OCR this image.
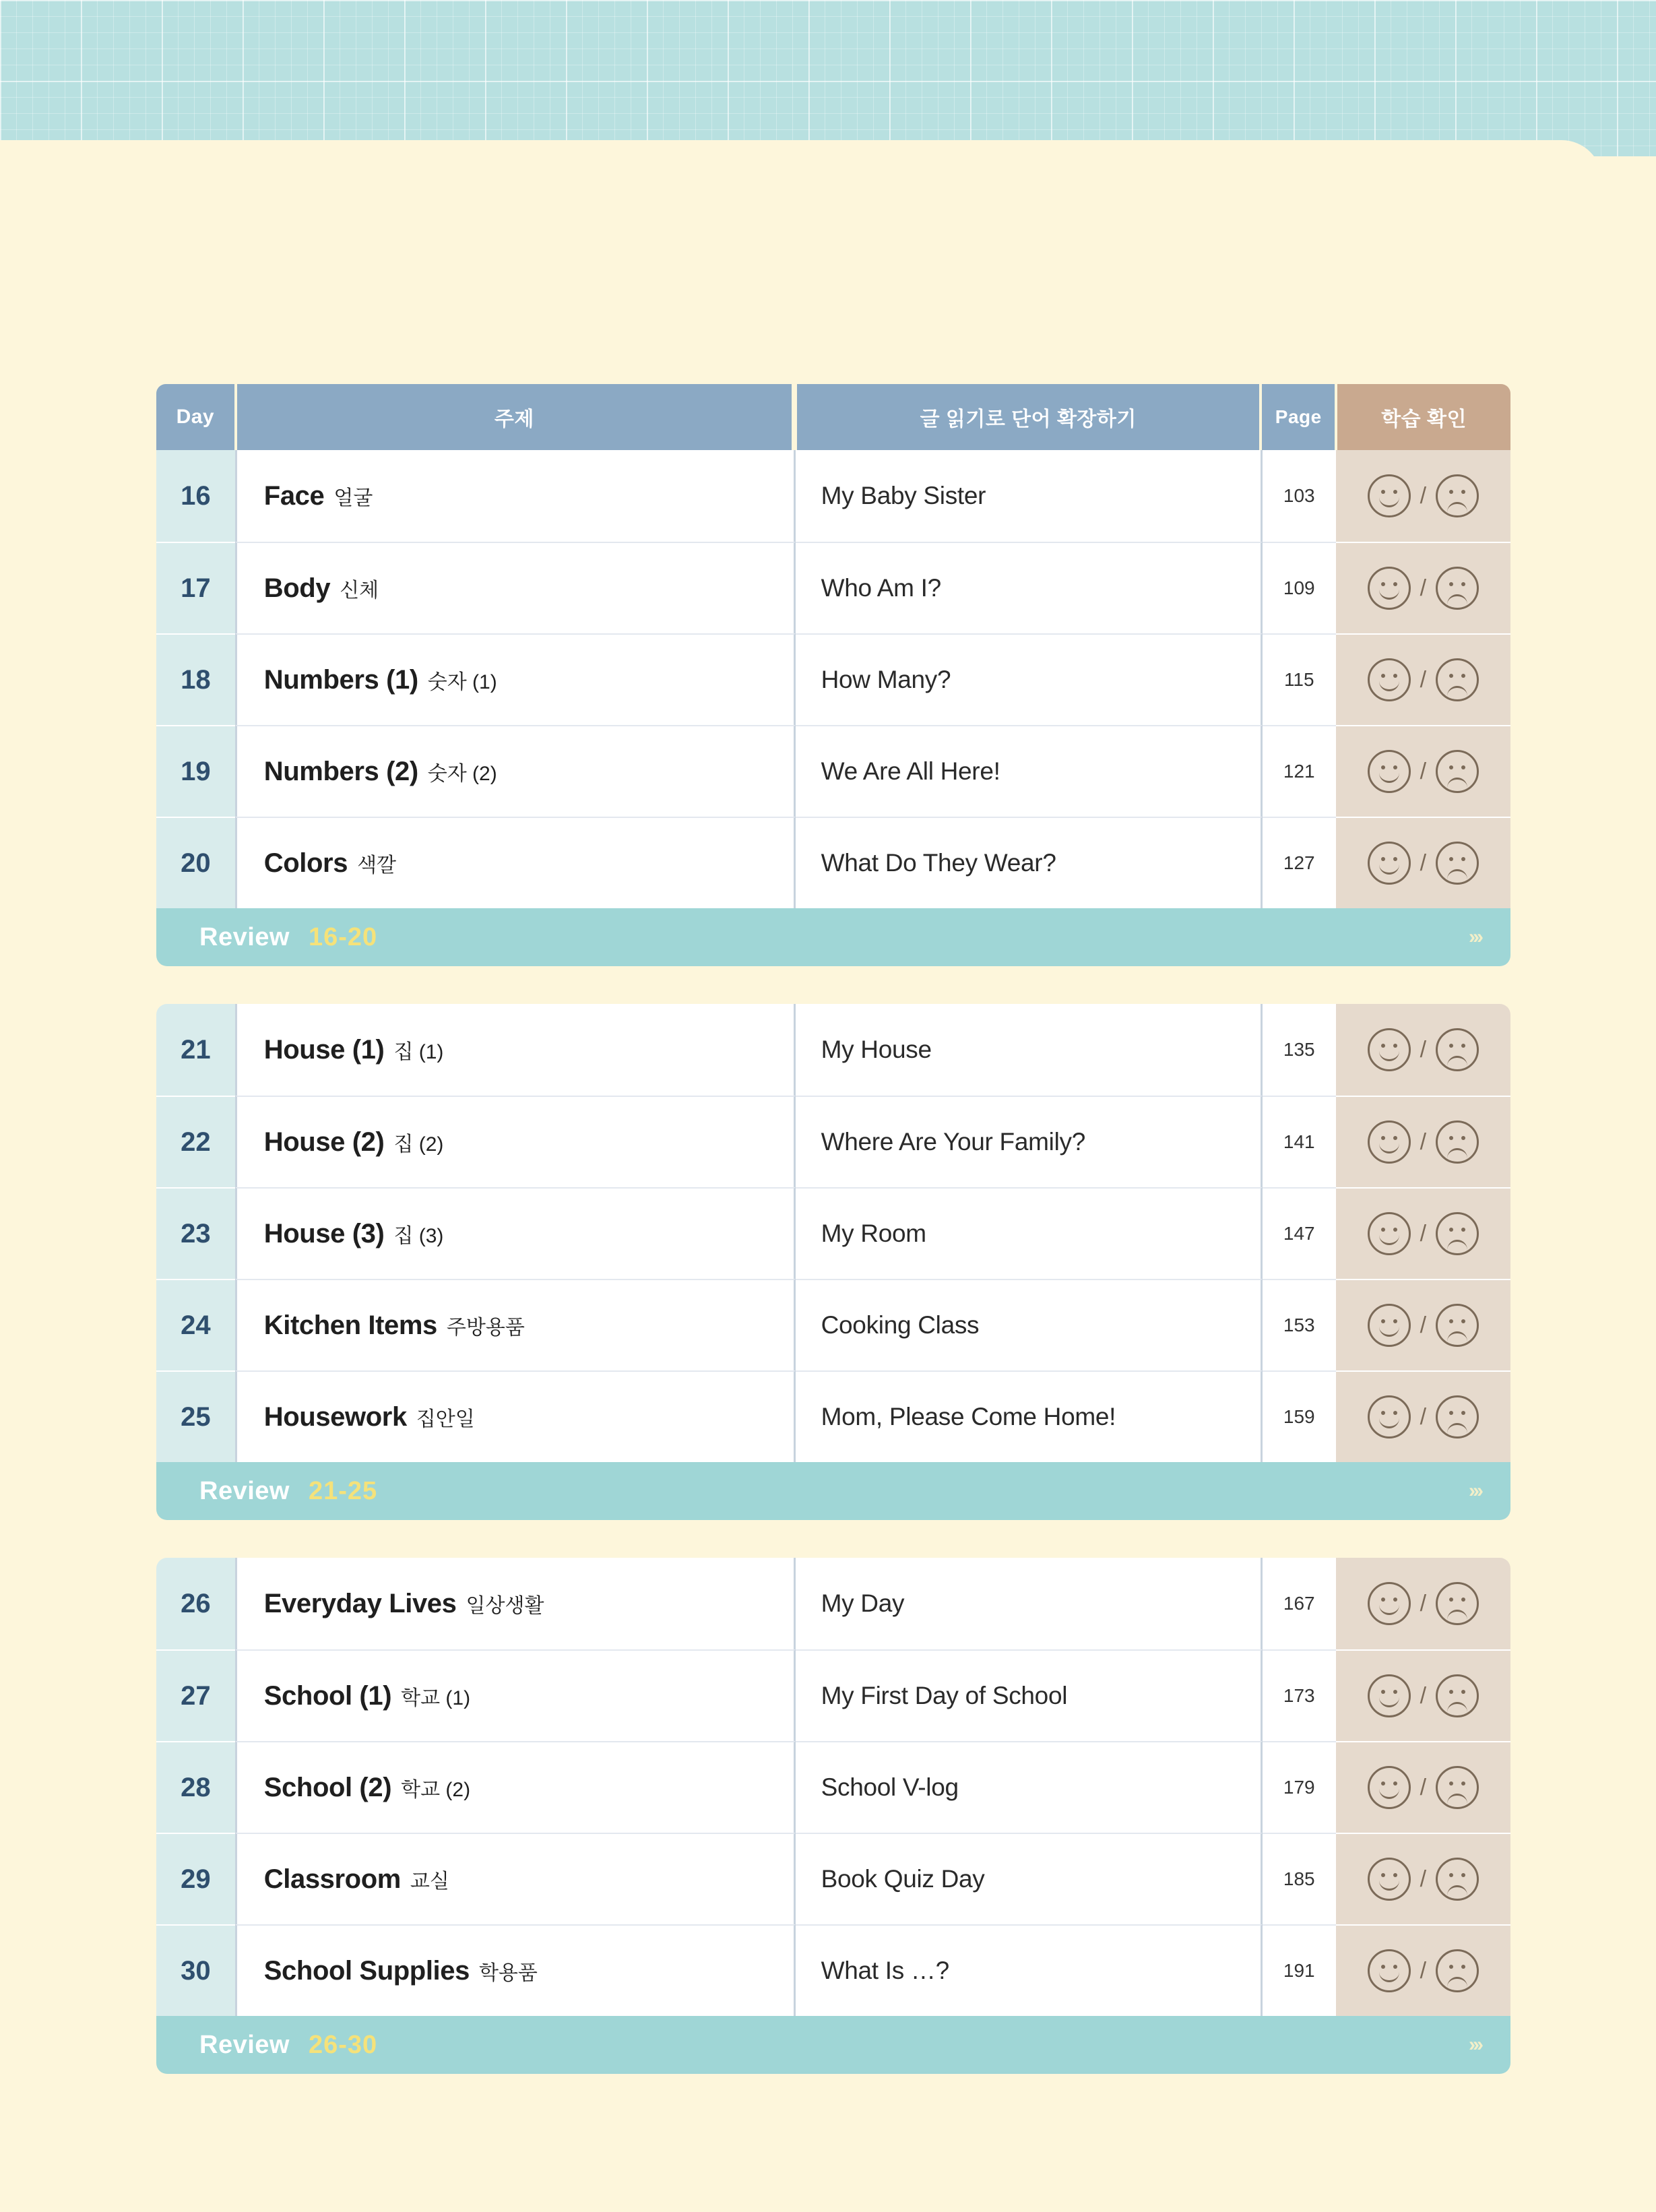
Day	주제	글 읽기로 단어 확장하기	Page	학습 확인
16	Face 얼굴	My Baby Sister	103	/
17	Body 신체	Who Am I?	109	/
18	Numbers (1) 숫자 (1)	How Many?	115	/
19	Numbers (2) 숫자 (2)	We Are All Here!	121	/
20	Colors 색깔	What Do They Wear?	127	/
Review 16-20	›››
21	House (1) 집 (1)	My House	135	/
22	House (2) 집 (2)	Where Are Your Family?	141	/
23	House (3) 집 (3)	My Room	147	/
24	Kitchen Items 주방용품	Cooking Class	153	/
25	Housework 집안일	Mom, Please Come Home!	159	/
Review 21-25	›››
26	Everyday Lives 일상생활	My Day	167	/
27	School (1) 학교 (1)	My First Day of School	173	/
28	School (2) 학교 (2)	School V-log	179	/
29	Classroom 교실	Book Quiz Day	185	/
30	School Supplies 학용품	What Is …?	191	/
Review 26-30	›››
